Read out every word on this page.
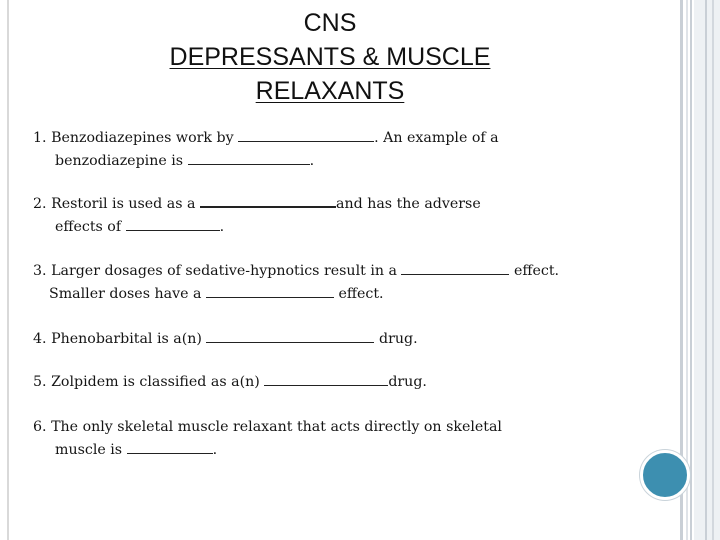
CNS
DEPRESSANTS & MUSCLE
RELAXANTS
1. Benzodiazepines work by	. An example of a
benzodiazepine is	.
2. Restoril is used as a	and has the adverse
effects of	.
3. Larger dosages of sedative-hypnotics result in a	effect.
Smaller doses have a	effect.
4. Phenobarbital is a(n)	drug.
5. Zolpidem is classified as a(n)	drug.
6. The only skeletal muscle relaxant that acts directly on skeletal
muscle is	.
